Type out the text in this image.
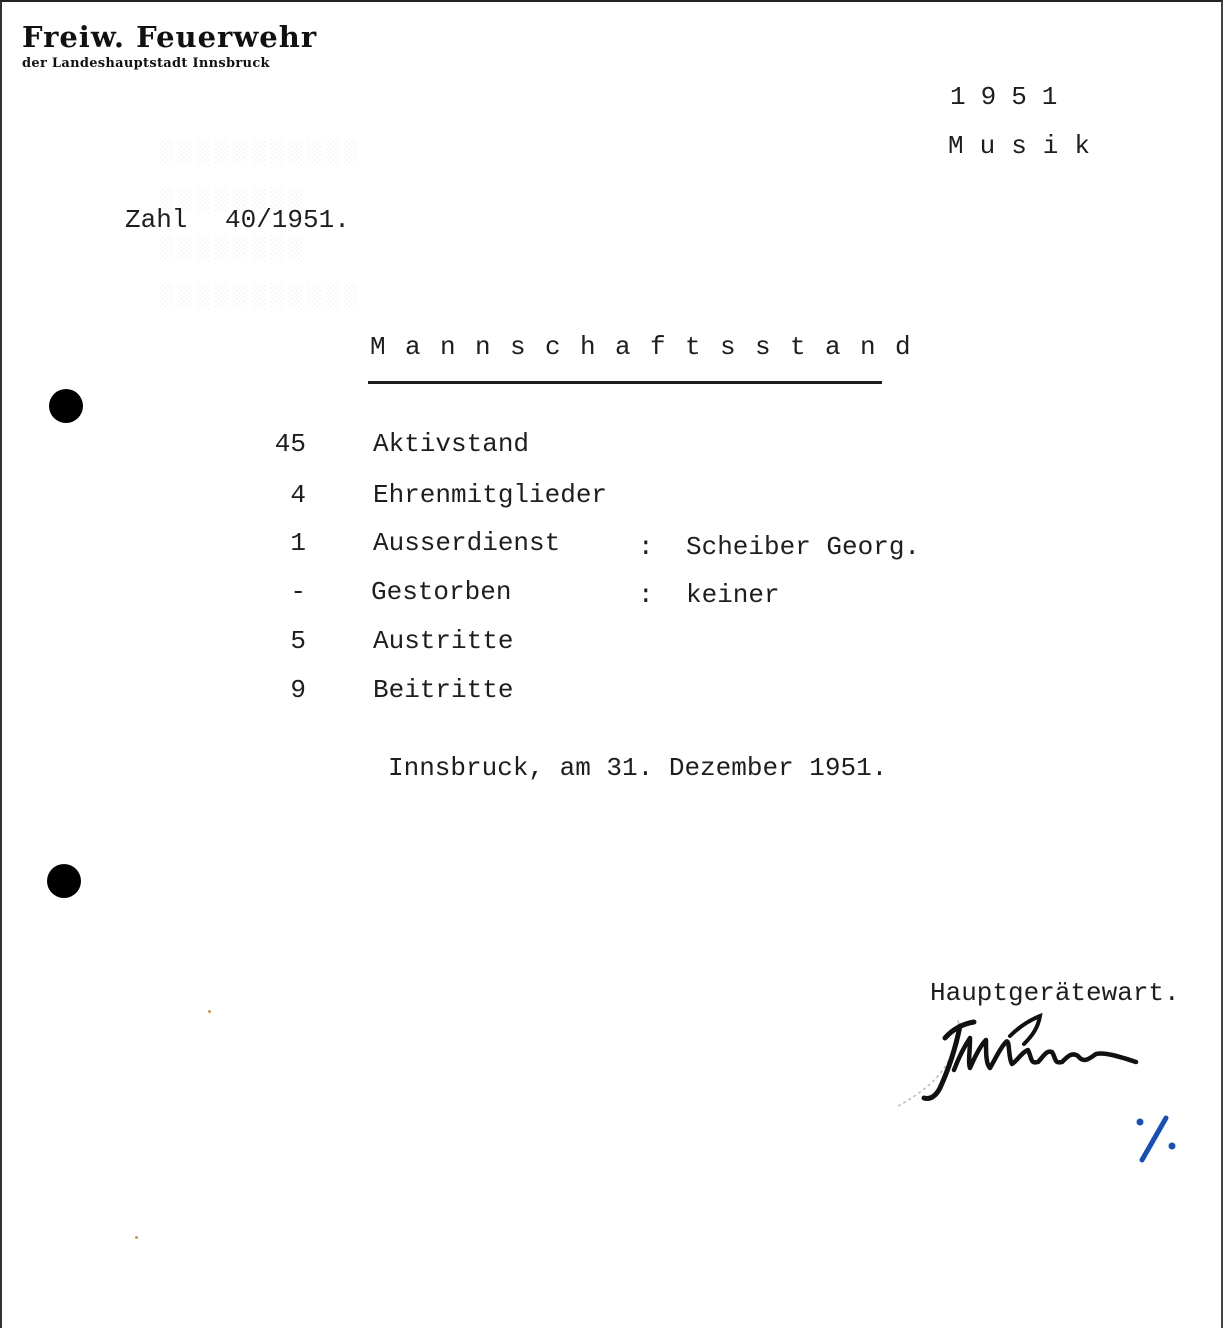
░░░░░░░░░░░
░░░░░░░░
░░░░░░░░
░░░░░░░░░░░
Freiw. Feuerwehr
der Landeshauptstadt Innsbruck
1951
Musik
Zahl 40/1951.
Mannschaftsstand
45	Aktivstand
4	Ehrenmitglieder
1	Ausserdienst	: Scheiber Georg.
-	Gestorben	: keiner
5	Austritte
9	Beitritte
Innsbruck, am 31. Dezember 1951.
Hauptgerätewart.
